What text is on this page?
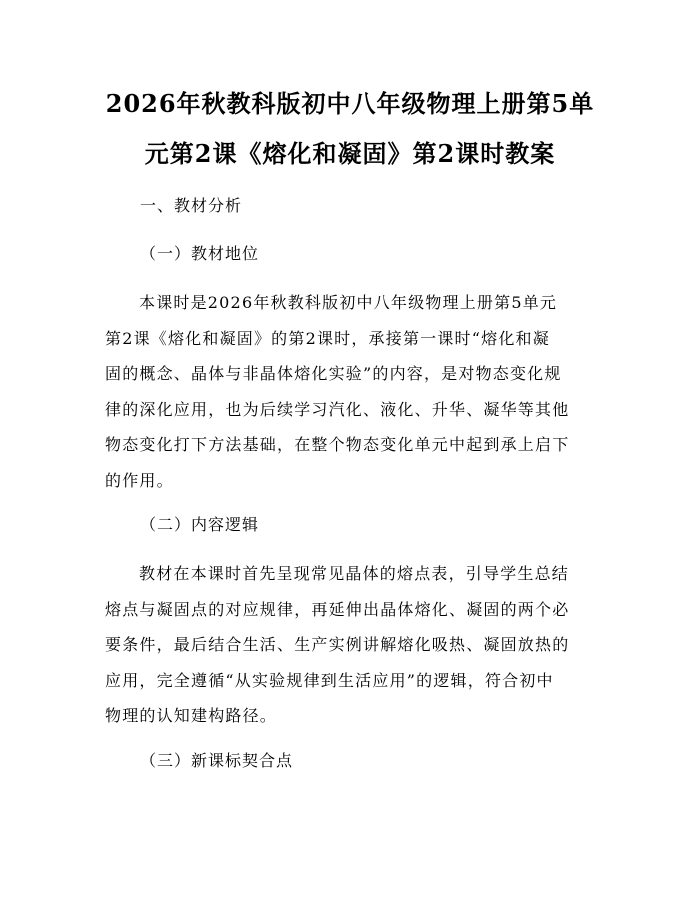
2026年秋教科版初中八年级物理上册第5单
元第2课《熔化和凝固》第2课时教案
一、教材分析
（一）教材地位
本课时是2026年秋教科版初中八年级物理上册第5单元
第2课《熔化和凝固》的第2课时，承接第一课时“熔化和凝
固的概念、晶体与非晶体熔化实验”的内容，是对物态变化规
律的深化应用，也为后续学习汽化、液化、升华、凝华等其他
物态变化打下方法基础，在整个物态变化单元中起到承上启下
的作用。
（二）内容逻辑
教材在本课时首先呈现常见晶体的熔点表，引导学生总结
熔点与凝固点的对应规律，再延伸出晶体熔化、凝固的两个必
要条件，最后结合生活、生产实例讲解熔化吸热、凝固放热的
应用，完全遵循“从实验规律到生活应用”的逻辑，符合初中
物理的认知建构路径。
（三）新课标契合点
